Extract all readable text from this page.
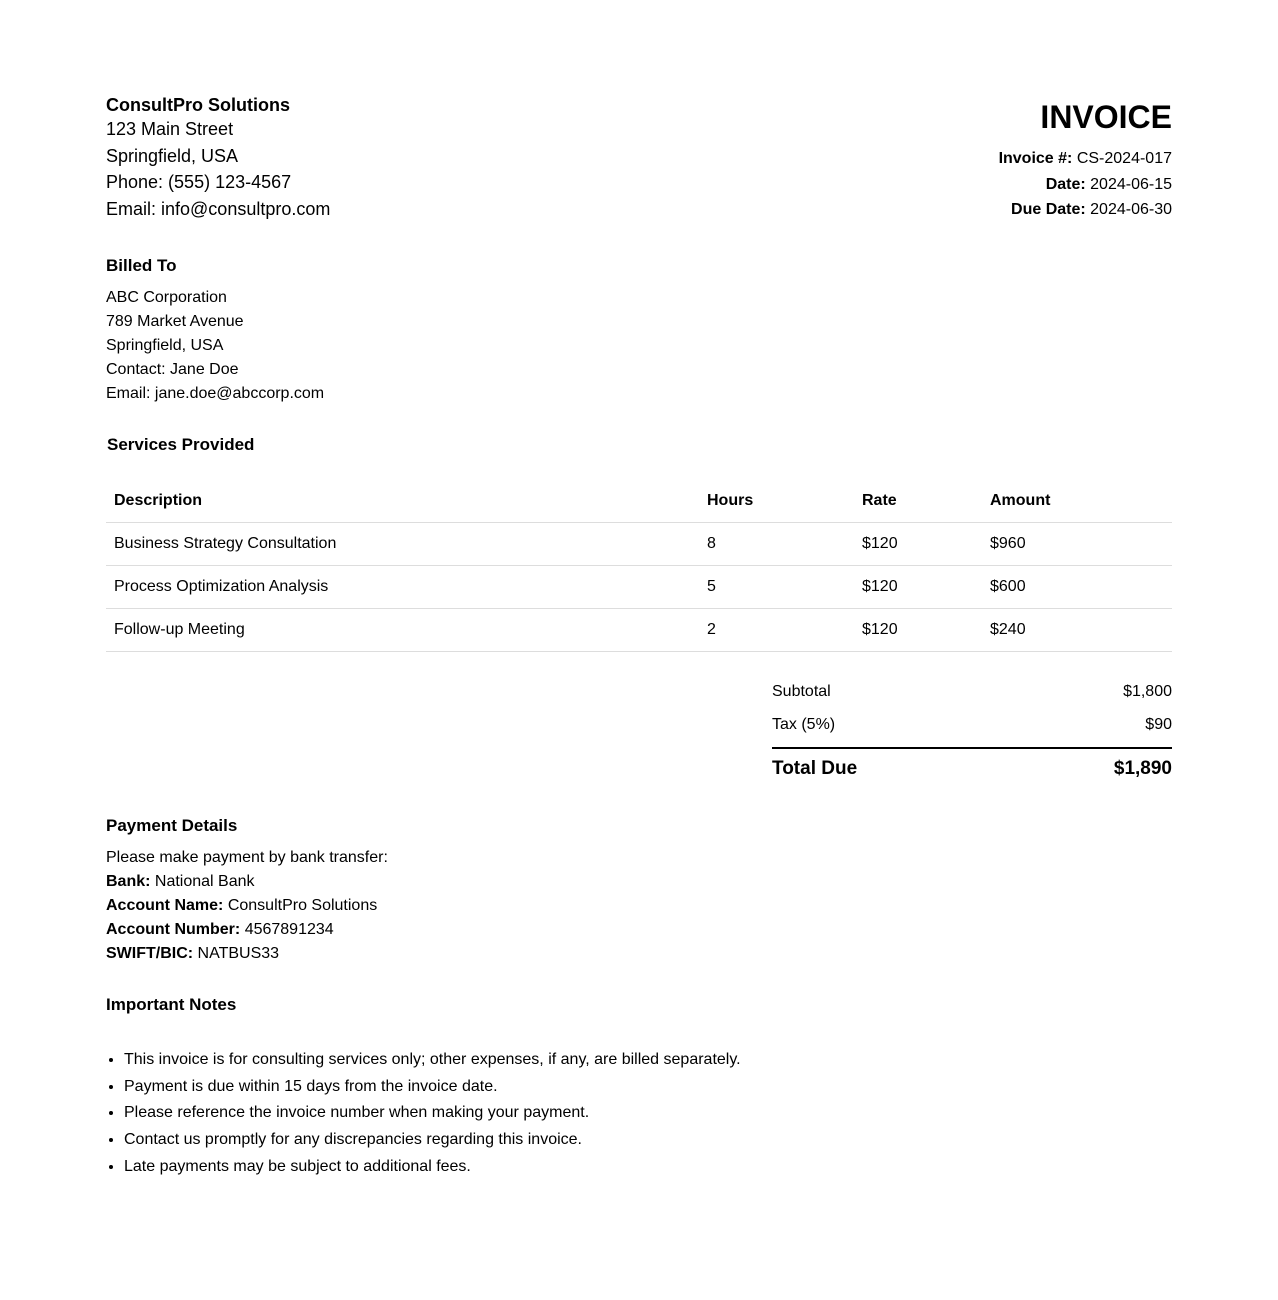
ConsultPro Solutions
123 Main Street
Springfield, USA
Phone: (555) 123-4567
Email: info@consultpro.com
INVOICE
Invoice #: CS-2024-017
Date: 2024-06-15
Due Date: 2024-06-30
Billed To
ABC Corporation
789 Market Avenue
Springfield, USA
Contact: Jane Doe
Email: jane.doe@abccorp.com
Services Provided
Description	Hours	Rate	Amount
Business Strategy Consultation	8	$120	$960
Process Optimization Analysis	5	$120	$600
Follow-up Meeting	2	$120	$240
Subtotal	$1,800
Tax (5%)	$90
Total Due	$1,890
Payment Details
Please make payment by bank transfer:
Bank: National Bank
Account Name: ConsultPro Solutions
Account Number: 4567891234
SWIFT/BIC: NATBUS33
Important Notes
• This invoice is for consulting services only; other expenses, if any, are billed separately.
• Payment is due within 15 days from the invoice date.
• Please reference the invoice number when making your payment.
• Contact us promptly for any discrepancies regarding this invoice.
• Late payments may be subject to additional fees.
